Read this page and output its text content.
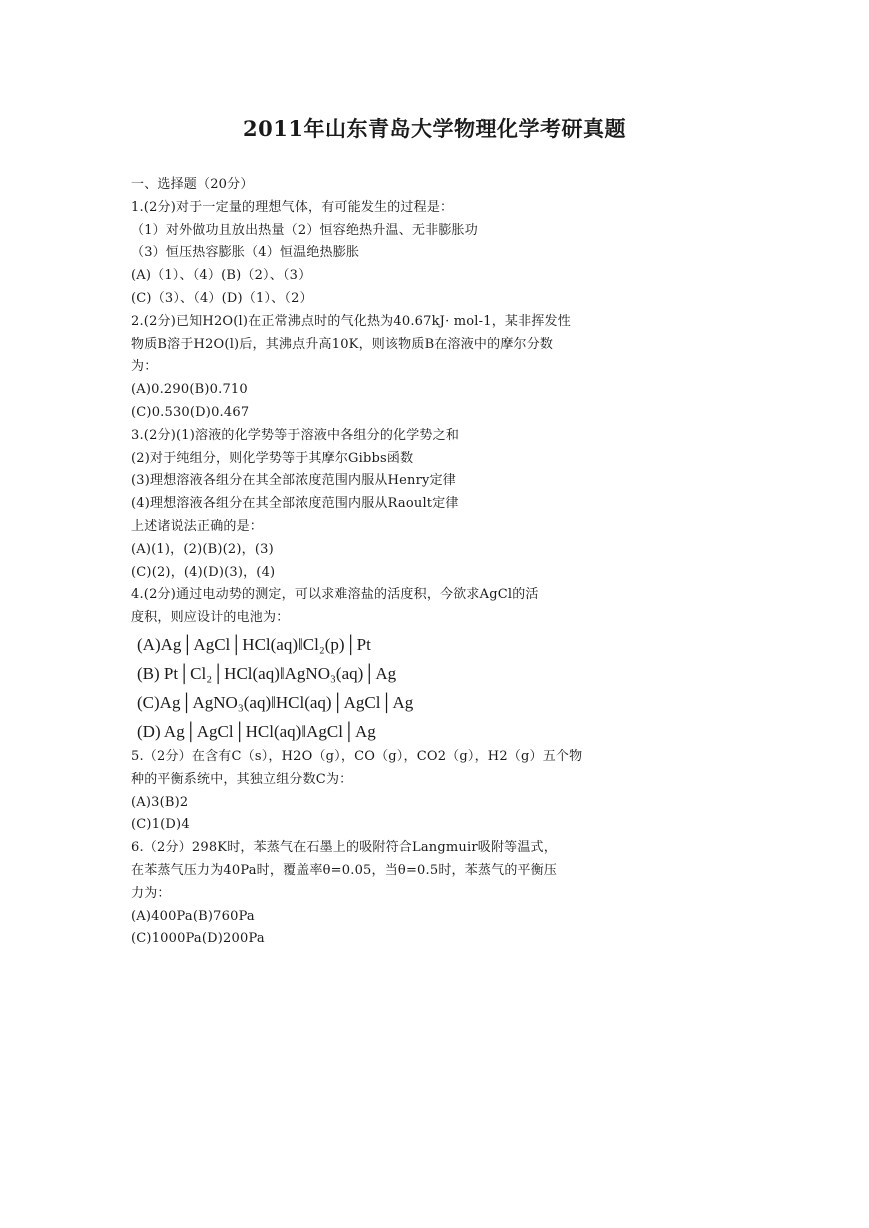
2011年山东青岛大学物理化学考研真题
一、选择题（20分）
1.(2分)对于一定量的理想气体，有可能发生的过程是：
（1）对外做功且放出热量（2）恒容绝热升温、无非膨胀功
（3）恒压热容膨胀（4）恒温绝热膨胀
(A)（1）、（4）(B)（2）、（3）
(C)（3）、（4）(D)（1）、（2）
2.(2分)已知H2O(l)在正常沸点时的气化热为40.67kJ· mol-1，某非挥发性
物质B溶于H2O(l)后，其沸点升高10K，则该物质B在溶液中的摩尔分数
为：
(A)0.290(B)0.710
(C)0.530(D)0.467
3.(2分)(1)溶液的化学势等于溶液中各组分的化学势之和
(2)对于纯组分，则化学势等于其摩尔Gibbs函数
(3)理想溶液各组分在其全部浓度范围内服从Henry定律
(4)理想溶液各组分在其全部浓度范围内服从Raoult定律
上述诸说法正确的是：
(A)(1)，(2)(B)(2)，(3)
(C)(2)，(4)(D)(3)，(4)
4.(2分)通过电动势的测定，可以求难溶盐的活度积，今欲求AgCl的活
度积，则应设计的电池为：
(A)Ag│AgCl│HCl(aq)‖Cl₂(p)│Pt
(B) Pt│Cl₂│HCl(aq)‖AgNO₃(aq)│Ag
(C)Ag│AgNO₃(aq)‖HCl(aq)│AgCl│Ag
(D) Ag│AgCl│HCl(aq)‖AgCl│Ag
5.（2分）在含有C（s），H2O（g），CO（g），CO2（g），H2（g）五个物
种的平衡系统中，其独立组分数C为：
(A)3(B)2
(C)1(D)4
6.（2分）298K时，苯蒸气在石墨上的吸附符合Langmuir吸附等温式，
在苯蒸气压力为40Pa时，覆盖率θ=0.05，当θ=0.5时，苯蒸气的平衡压
力为：
(A)400Pa(B)760Pa
(C)1000Pa(D)200Pa
